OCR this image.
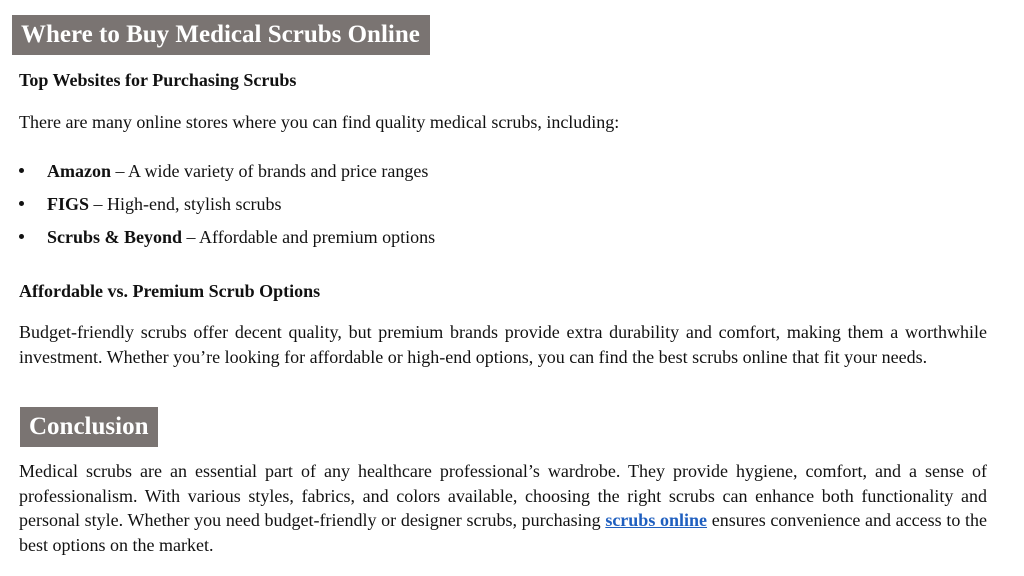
Where to Buy Medical Scrubs Online
Top Websites for Purchasing Scrubs

There are many online stores where you can find quality medical scrubs, including:

Amazon – A wide variety of brands and price ranges
FIGS – High-end, stylish scrubs
Scrubs & Beyond – Affordable and premium options
Affordable vs. Premium Scrub Options

Budget-friendly scrubs offer decent quality, but premium brands provide extra durability and comfort, making them a worthwhile investment. Whether you’re looking for affordable or high-end options, you can find the best scrubs online that fit your needs.

Conclusion

Medical scrubs are an essential part of any healthcare professional’s wardrobe. They provide hygiene, comfort, and a sense of professionalism. With various styles, fabrics, and colors available, choosing the right scrubs can enhance both functionality and personal style. Whether you need budget-friendly or designer scrubs, purchasing scrubs online ensures convenience and access to the best options on the market.
